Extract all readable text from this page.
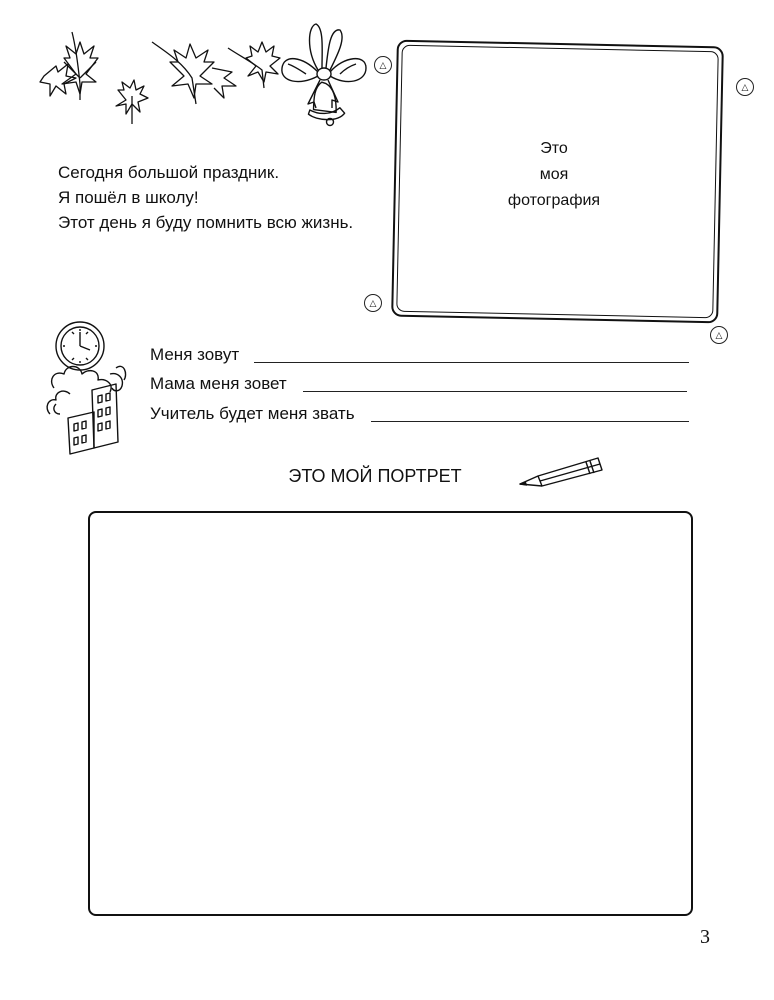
Сегодня большой праздник.
Я пошёл в школу!
Этот день я буду помнить всю жизнь.
Это
моя
фотография
△
△
△
△
Меня зовут
Мама меня зовет
Учитель будет меня звать
ЭТО МОЙ ПОРТРЕТ
3
